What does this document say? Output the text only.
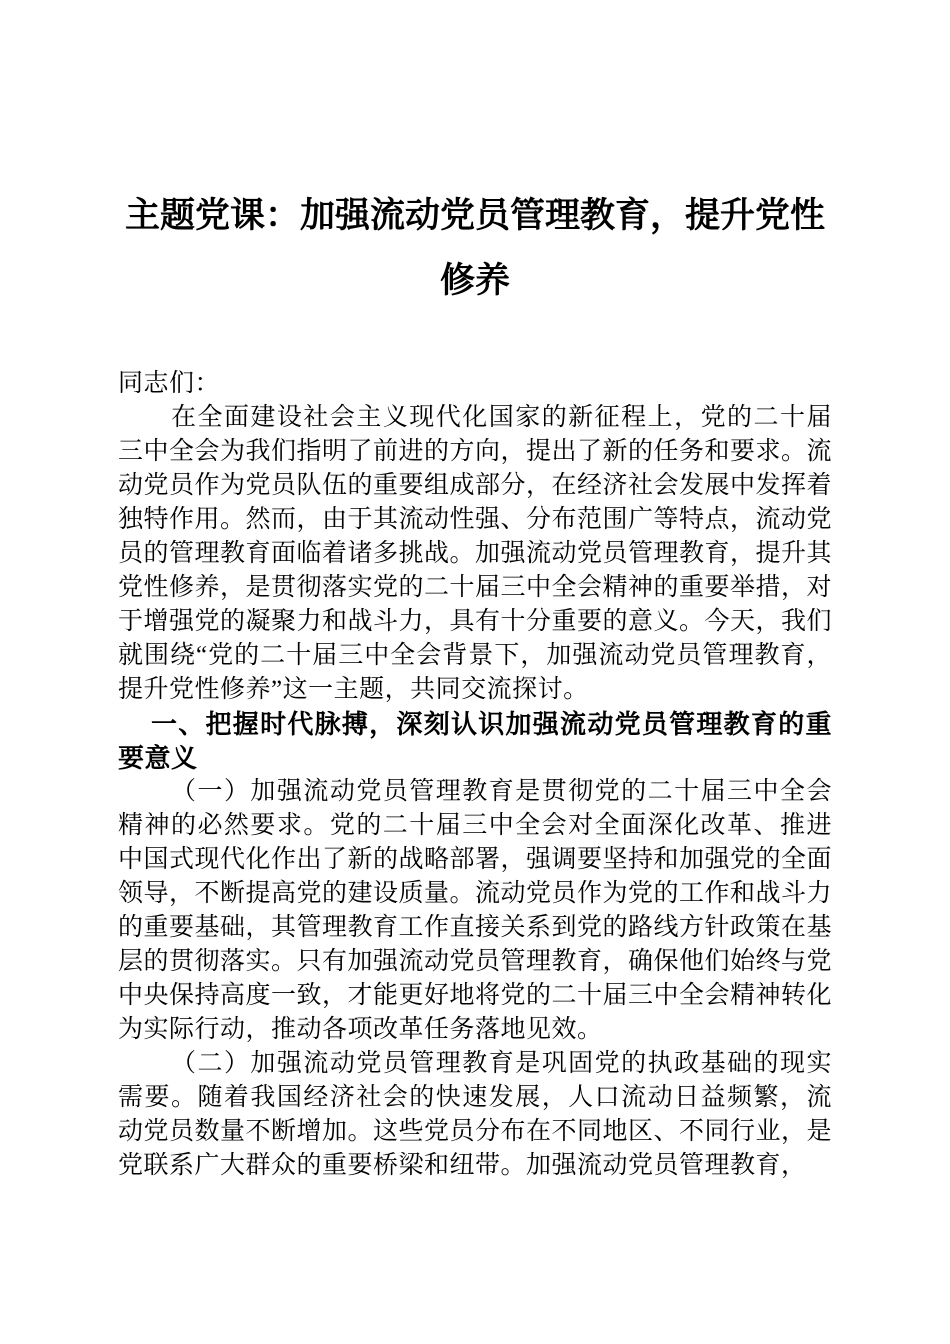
主题党课：加强流动党员管理教育，提升党性修养

同志们：

在全面建设社会主义现代化国家的新征程上，党的二十届三中全会为我们指明了前进的方向，提出了新的任务和要求。流动党员作为党员队伍的重要组成部分，在经济社会发展中发挥着独特作用。然而，由于其流动性强、分布范围广等特点，流动党员的管理教育面临着诸多挑战。加强流动党员管理教育，提升其党性修养，是贯彻落实党的二十届三中全会精神的重要举措，对于增强党的凝聚力和战斗力，具有十分重要的意义。今天，我们就围绕“党的二十届三中全会背景下，加强流动党员管理教育，提升党性修养”这一主题，共同交流探讨。

一、把握时代脉搏，深刻认识加强流动党员管理教育的重要意义

（一）加强流动党员管理教育是贯彻党的二十届三中全会精神的必然要求。党的二十届三中全会对全面深化改革、推进中国式现代化作出了新的战略部署，强调要坚持和加强党的全面领导，不断提高党的建设质量。流动党员作为党的工作和战斗力的重要基础，其管理教育工作直接关系到党的路线方针政策在基层的贯彻落实。只有加强流动党员管理教育，确保他们始终与党中央保持高度一致，才能更好地将党的二十届三中全会精神转化为实际行动，推动各项改革任务落地见效。

（二）加强流动党员管理教育是巩固党的执政基础的现实需要。随着我国经济社会的快速发展，人口流动日益频繁，流动党员数量不断增加。这些党员分布在不同地区、不同行业，是党联系广大群众的重要桥梁和纽带。加强流动党员管理教育，
